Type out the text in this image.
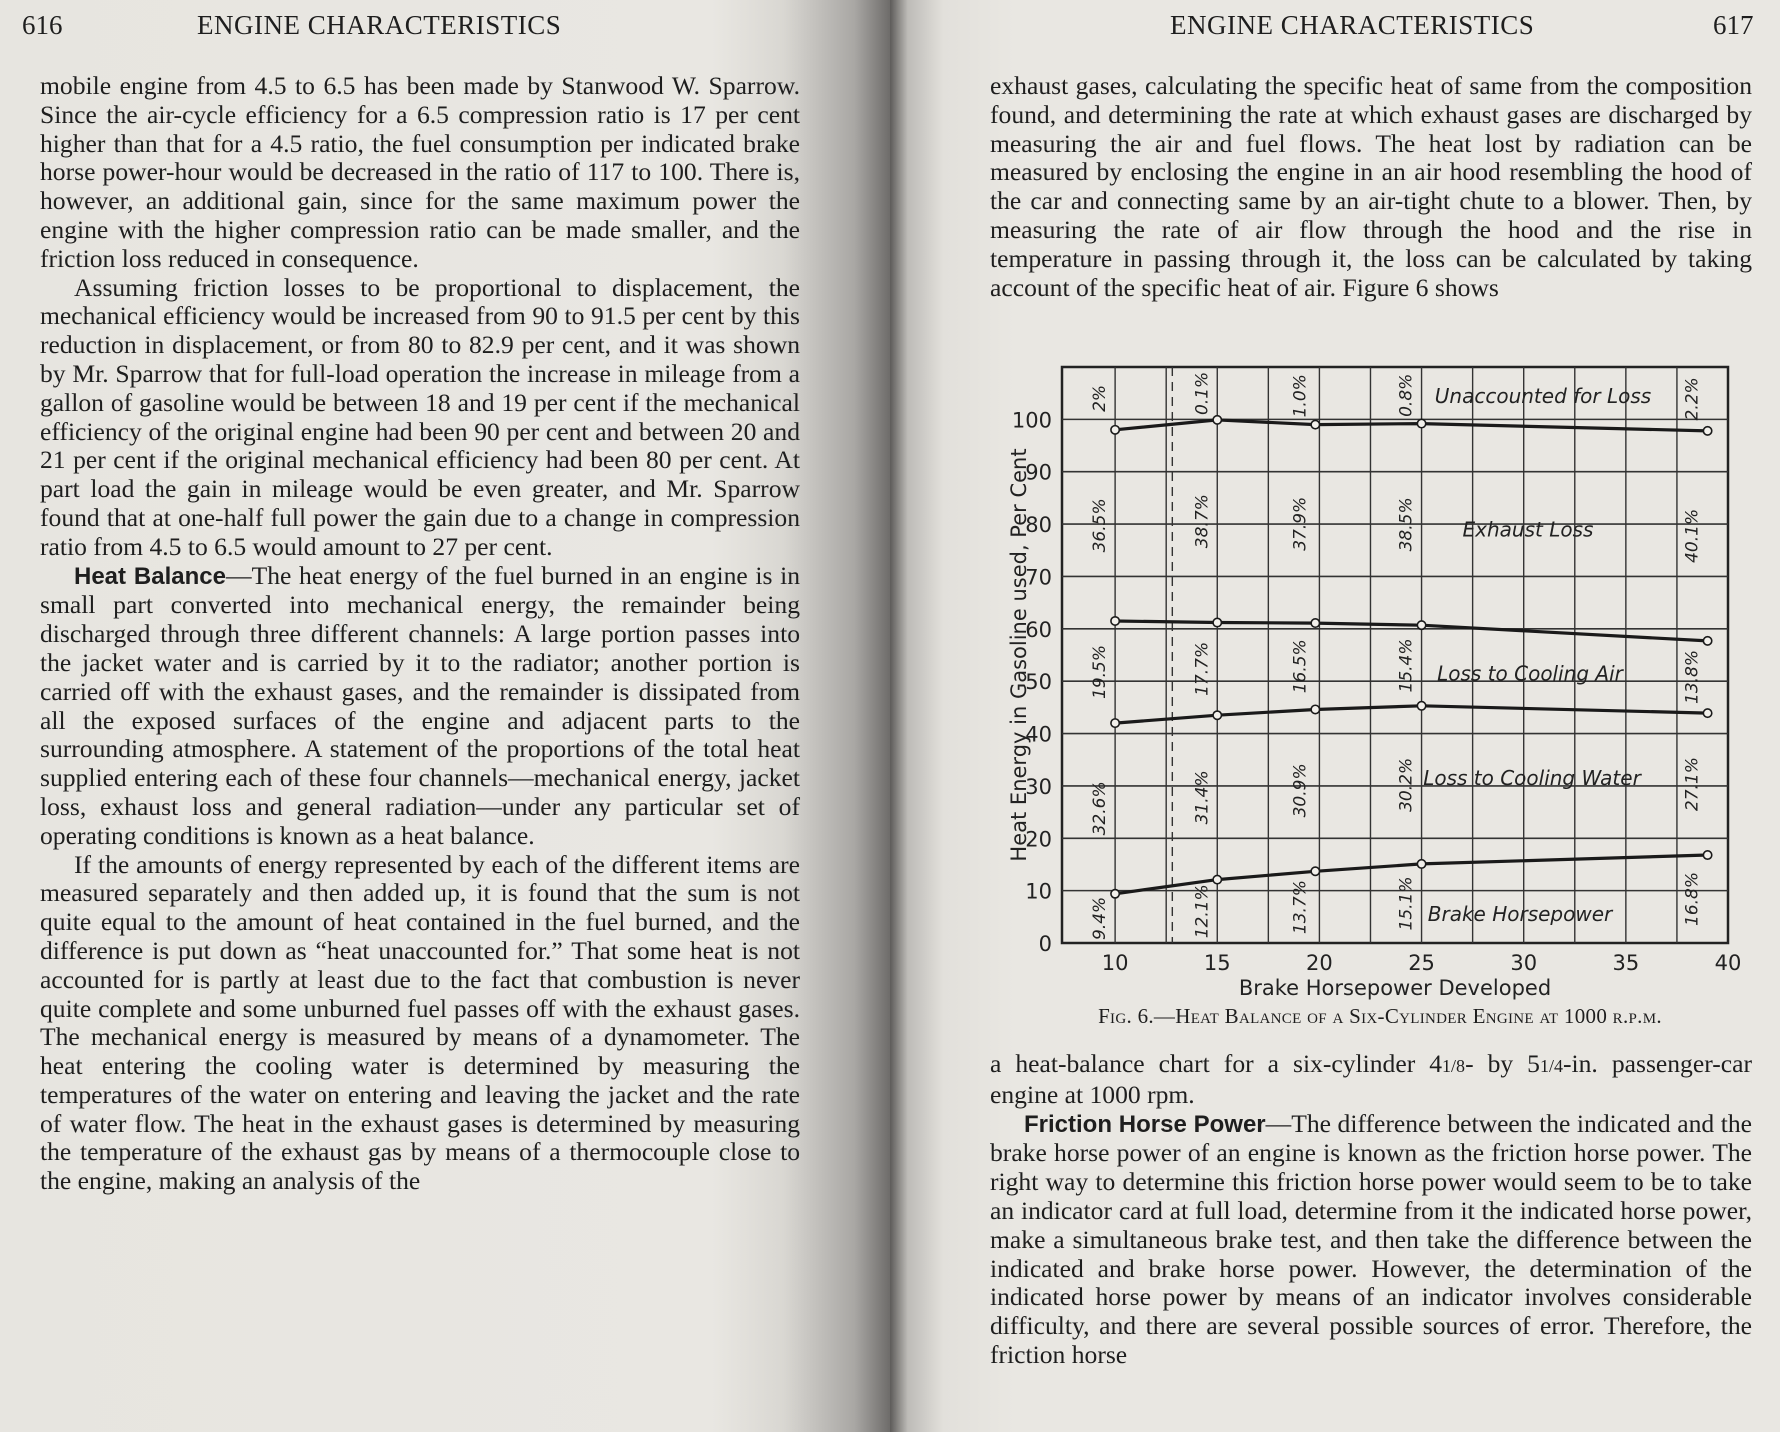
616	ENGINE CHARACTERISTICS

mobile engine from 4.5 to 6.5 has been made by Stanwood W. Sparrow. Since the air-cycle efficiency for a 6.5 compression ratio is 17 per cent higher than that for a 4.5 ratio, the fuel consumption per indicated brake horse power-hour would be decreased in the ratio of 117 to 100. There is, however, an additional gain, since for the same maximum power the engine with the higher compression ratio can be made smaller, and the friction loss reduced in consequence.

Assuming friction losses to be proportional to displacement, the mechanical efficiency would be increased from 90 to 91.5 per cent by this reduction in displacement, or from 80 to 82.9 per cent, and it was shown by Mr. Sparrow that for full-load operation the increase in mileage from a gallon of gasoline would be between 18 and 19 per cent if the mechanical efficiency of the original engine had been 90 per cent and between 20 and 21 per cent if the original mechanical efficiency had been 80 per cent. At part load the gain in mileage would be even greater, and Mr. Sparrow found that at one-half full power the gain due to a change in compression ratio from 4.5 to 6.5 would amount to 27 per cent.

Heat Balance—The heat energy of the fuel burned in an engine is in small part converted into mechanical energy, the remainder being discharged through three different channels: A large portion passes into the jacket water and is carried by it to the radiator; another portion is carried off with the exhaust gases, and the remainder is dissipated from all the exposed surfaces of the engine and adjacent parts to the surrounding atmosphere. A statement of the proportions of the total heat supplied entering each of these four channels—mechanical energy, jacket loss, exhaust loss and general radiation—under any particular set of operating conditions is known as a heat balance.

If the amounts of energy represented by each of the different items are measured separately and then added up, it is found that the sum is not quite equal to the amount of heat contained in the fuel burned, and the difference is put down as “heat unaccounted for.” That some heat is not accounted for is partly at least due to the fact that combustion is never quite complete and some unburned fuel passes off with the exhaust gases. The mechanical energy is measured by means of a dynamometer. The heat entering the cooling water is determined by measuring the temperatures of the water on entering and leaving the jacket and the rate of water flow. The heat in the exhaust gases is determined by measuring the temperature of the exhaust gas by means of a thermocouple close to the engine, making an analysis of the

ENGINE CHARACTERISTICS	617

exhaust gases, calculating the specific heat of same from the composition found, and determining the rate at which exhaust gases are discharged by measuring the air and fuel flows. The heat lost by radiation can be measured by enclosing the engine in an air hood resembling the hood of the car and connecting same by an air-tight chute to a blower. Then, by measuring the rate of air flow through the hood and the rise in temperature in passing through it, the loss can be calculated by taking account of the specific heat of air. Figure 6 shows

0
10
20
30
40
50
60
70
80
90
100
10	15	20	25	30	35	40
9.4%	12.1%	13.7%	15.1%	16.8%
32.6%	31.4%	30.9%	30.2%	27.1%
19.5%	17.7%	16.5%	15.4%	13.8%
36.5%	38.7%	37.9%	38.5%	40.1%
2%	0.1%	1.0%	0.8%	2.2%
Brake Horsepower
Loss to Cooling Water
Loss to Cooling Air
Exhaust Loss
Unaccounted for Loss
Brake Horsepower Developed
Heat Energy in Gasoline used, Per Cent
Fig. 6.—Heat Balance of a Six-Cylinder Engine at 1000 r.p.m.

a heat-balance chart for a six-cylinder 41/8- by 51/4-in. passenger-car engine at 1000 rpm.

Friction Horse Power—The difference between the indicated and the brake horse power of an engine is known as the friction horse power. The right way to determine this friction horse power would seem to be to take an indicator card at full load, determine from it the indicated horse power, make a simultaneous brake test, and then take the difference between the indicated and brake horse power. However, the determination of the indicated horse power by means of an indicator involves considerable difficulty, and there are several possible sources of error. Therefore, the friction horse
